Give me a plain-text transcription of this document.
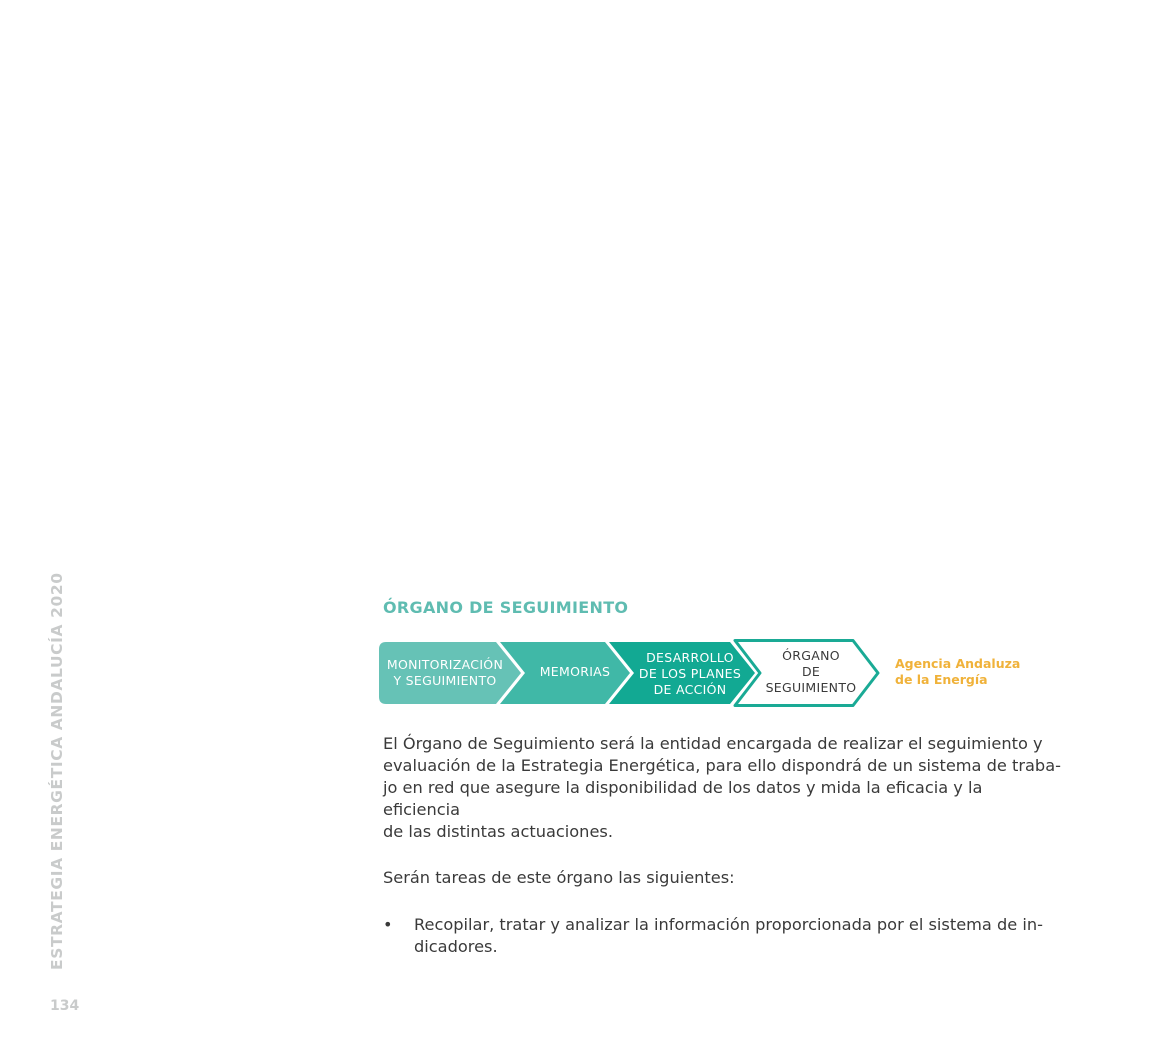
ESTRATEGIA ENERGÉTICA ANDALUCÍA 2020
134
ÓRGANO DE SEGUIMIENTO
MONITORIZACIÓN
Y SEGUIMIENTO
MEMORIAS
DESARROLLO
DE LOS PLANES
DE ACCIÓN
ÓRGANO
DE
SEGUIMIENTO
Agencia Andaluza
de la Energía

El Órgano de Seguimiento será la entidad encargada de realizar el seguimiento y
evaluación de la Estrategia Energética, para ello dispondrá de un sistema de traba-
jo en red que asegure la disponibilidad de los datos y mida la eficacia y la eficiencia
de las distintas actuaciones.

Serán tareas de este órgano las siguientes:

• Recopilar, tratar y analizar la información proporcionada por el sistema de in-
dicadores.
